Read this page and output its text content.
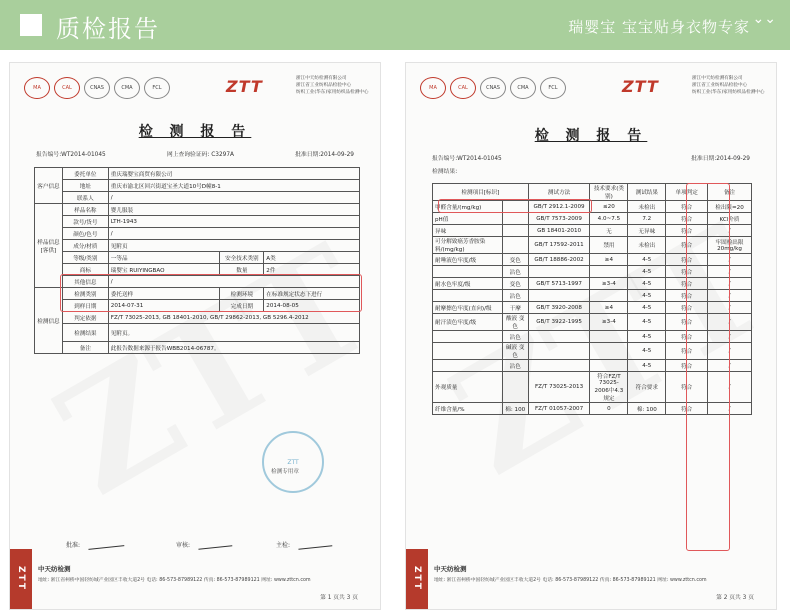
质检报告	瑞婴宝 宝宝贴身衣物专家 ⌄⌄
MA	CAL	CNAS	CMA	FCL	ZTT	浙江中天纺检测有限公司
浙江省工业纺织品检验中心
纺织工业(华东)家用纺织品检测中心
检 测 报 告
报告编号:WT2014-01045	网上查询验证码: C3297A	批准日期:2014-09-29
客户信息	委托单位	重庆瑞婴宝商贸有限公司		
	地址	重庆市渝北区回兴街道宝圣大道10号D幢8-1		
	联系人	/		
样品信息[客供]	样品名称	婴儿服装		
	款号/货号	LTH-1943		
	颜色/色号	/		
	成分/材质	见附页		
	等级/类别	一等品	安全技术类别	A类
	商标	瑞婴宝 RUIYINGBAO	数量	2件
	其他信息	/		
检测信息	检测类别	委托送样	检测环境	在标准规定状态下进行
	到样日期	2014-07-31	完成日期	2014-08-05
	判定依据	FZ/T 73025-2013, GB 18401-2010, GB/T 29862-2013, GB 5296.4-2012		
	检测结果	见附页。		
	备注	此报告数据来源于报告WBB2014-06787。		
ZTT
检测专用章
批准:	审核:	主检:
ZTT	中天纺检测
地址: 浙江省柯桥中国轻纺城产业园区丰收大道2号 电话: 86-573-87989122 传真: 86-573-87989121 网址: www.zttcn.com
第 1 页共 3 页
MA	CAL	CNAS	CMA	FCL	ZTT	浙江中天纺检测有限公司
浙江省工业纺织品检验中心
纺织工业(华东)家用纺织品检测中心
检 测 报 告
报告编号:WT2014-01045	批准日期:2014-09-29
检测结果:
检测项目[标识]		测试方法	技术要求(类别)	测试结果	单项判定	备注
甲醛含量/(mg/kg)		GB/T 2912.1-2009	≤20	未检出	符合	检出限=20
pH值		GB/T 7573-2009	4.0~7.5	7.2	符合	KCl介质
异味		GB 18401-2010	无	无异味	符合	/
可分解致癌芳香胺染料/(mg/kg)		GB/T 17592-2011	禁用	未检出	符合	牢固检出限20mg/kg
耐唾液色牢度/级	变色	GB/T 18886-2002	≥4	4-5	符合	/
	沾色			4-5	符合	/
耐水色牢度/级	变色	GB/T 5713-1997	≥3-4	4-5	符合	/
	沾色			4-5	符合	/
耐摩擦色牢度(直向)/级	干摩	GB/T 3920-2008	≥4	4-5	符合	/
耐汗渍色牢度/级	酸液 变色	GB/T 3922-1995	≥3-4	4-5	符合	/
	沾色			4-5	符合	/
	碱液 变色			4-5	符合	/
	沾色			4-5	符合	/
外观质量		FZ/T 73025-2013	符合FZ/T 73025-2006中4.3规定	符合要求	符合	/
纤维含量/%	棉: 100	FZ/T 01057-2007	0	棉: 100	符合	/
ZTT	中天纺检测
地址: 浙江省柯桥中国轻纺城产业园区丰收大道2号 电话: 86-573-87989122 传真: 86-573-87989121 网址: www.zttcn.com
第 2 页共 3 页
